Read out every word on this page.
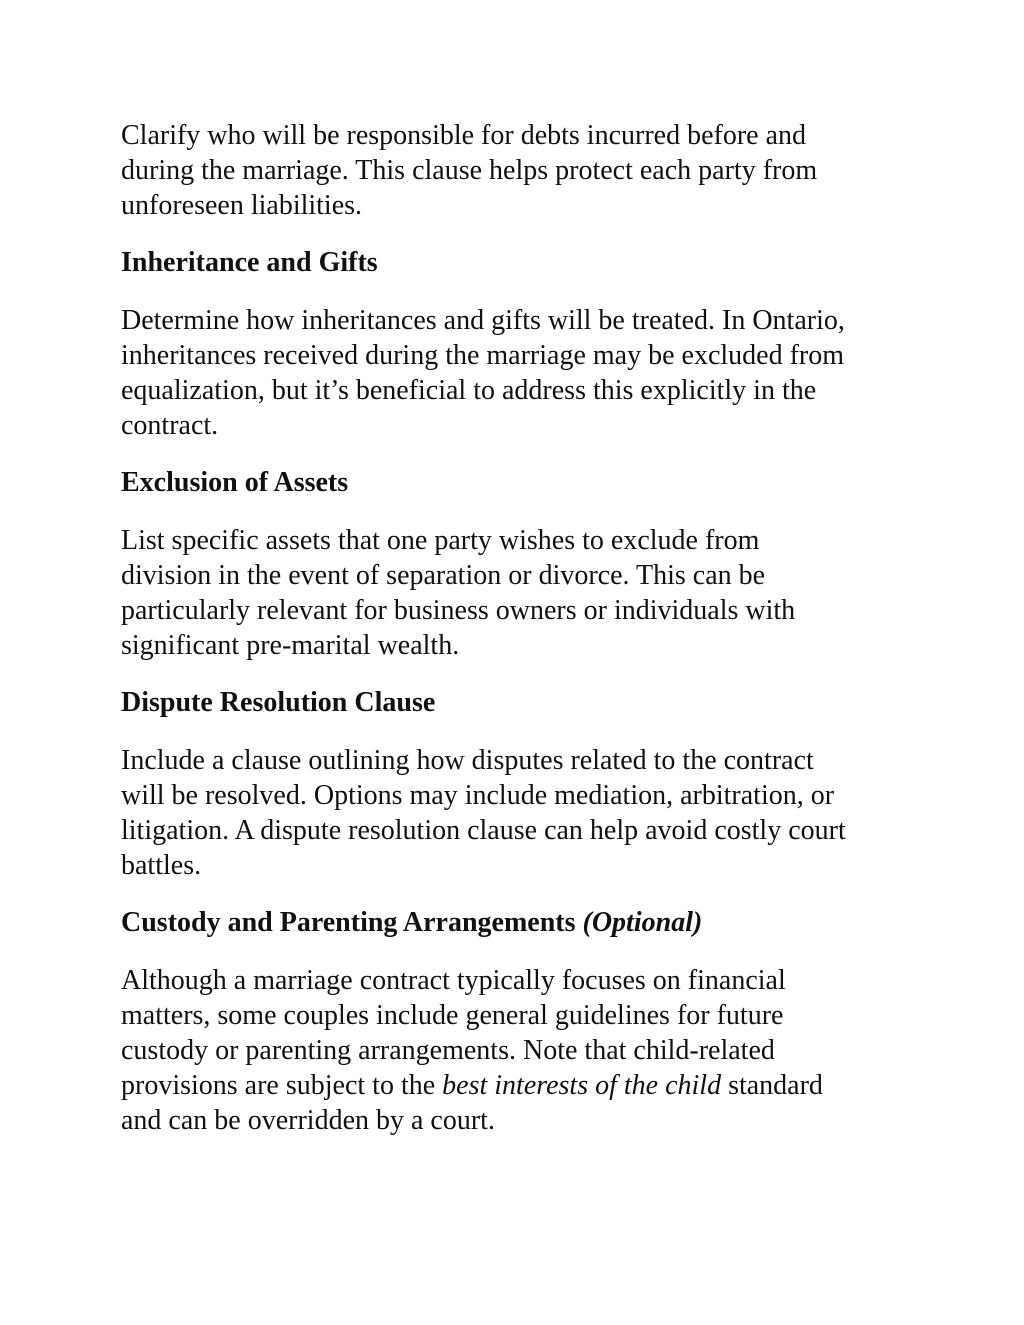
Clarify who will be responsible for debts incurred before and
during the marriage. This clause helps protect each party from
unforeseen liabilities.

Inheritance and Gifts

Determine how inheritances and gifts will be treated. In Ontario,
inheritances received during the marriage may be excluded from
equalization, but it’s beneficial to address this explicitly in the
contract.

Exclusion of Assets

List specific assets that one party wishes to exclude from
division in the event of separation or divorce. This can be
particularly relevant for business owners or individuals with
significant pre-marital wealth.

Dispute Resolution Clause

Include a clause outlining how disputes related to the contract
will be resolved. Options may include mediation, arbitration, or
litigation. A dispute resolution clause can help avoid costly court
battles.

Custody and Parenting Arrangements (Optional)

Although a marriage contract typically focuses on financial
matters, some couples include general guidelines for future
custody or parenting arrangements. Note that child-related
provisions are subject to the best interests of the child standard
and can be overridden by a court.
